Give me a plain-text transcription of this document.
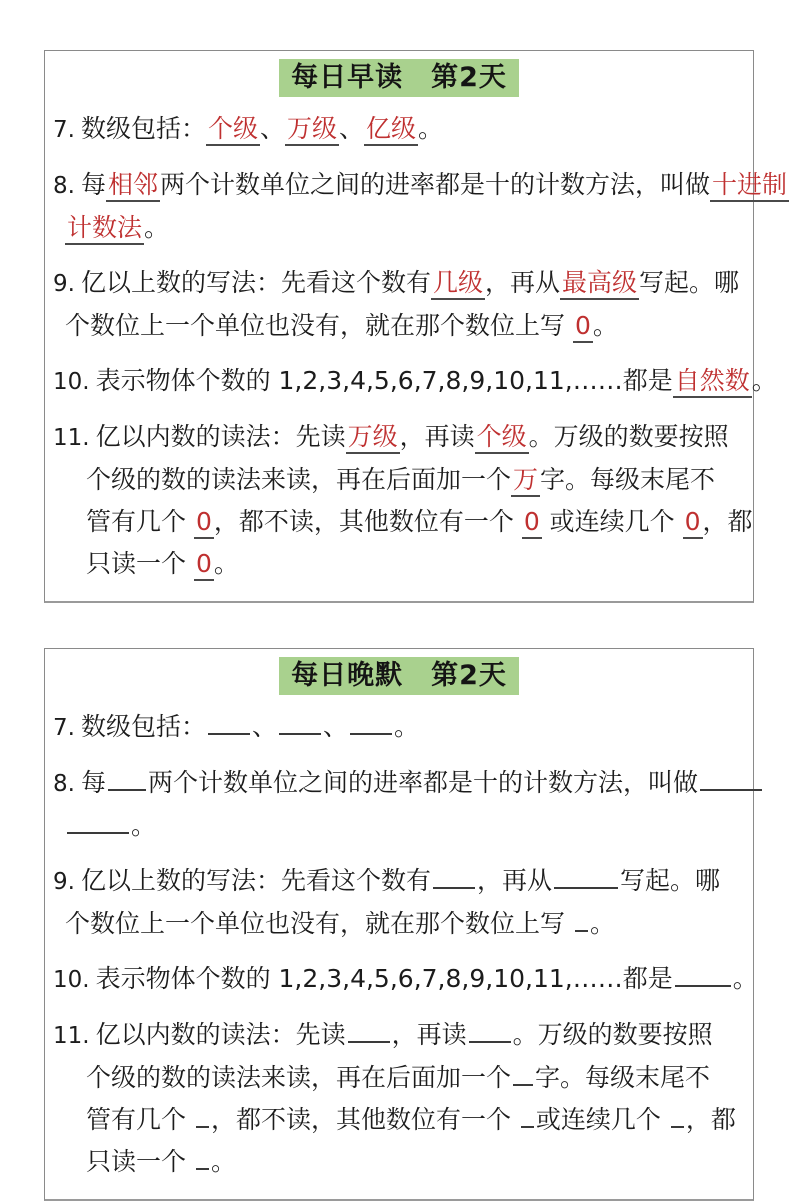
每日早读　第2天
7. 数级包括：个级、万级、亿级。
8. 每相邻两个计数单位之间的进率都是十的计数方法，叫做十进制
计数法。
9. 亿以上数的写法：先看这个数有几级，再从最高级写起。哪
个数位上一个单位也没有，就在那个数位上写 0。
10. 表示物体个数的 1,2,3,4,5,6,7,8,9,10,11,……都是自然数。
11. 亿以内数的读法：先读万级，再读个级。万级的数要按照
个级的数的读法来读，再在后面加一个万字。每级末尾不
管有几个 0，都不读，其他数位有一个 0 或连续几个 0，都
只读一个 0。
每日晚默　第2天
7. 数级包括： 、 、 。
8. 每 两个计数单位之间的进率都是十的计数方法，叫做
。
9. 亿以上数的写法：先看这个数有 ，再从	写起。哪
个数位上一个单位也没有，就在那个数位上写 。
10. 表示物体个数的 1,2,3,4,5,6,7,8,9,10,11,……都是 。
11. 亿以内数的读法：先读 ，再读 。万级的数要按照
个级的数的读法来读，再在后面加一个 字。每级末尾不
管有几个 ，都不读，其他数位有一个 或连续几个 ，都
只读一个 。
